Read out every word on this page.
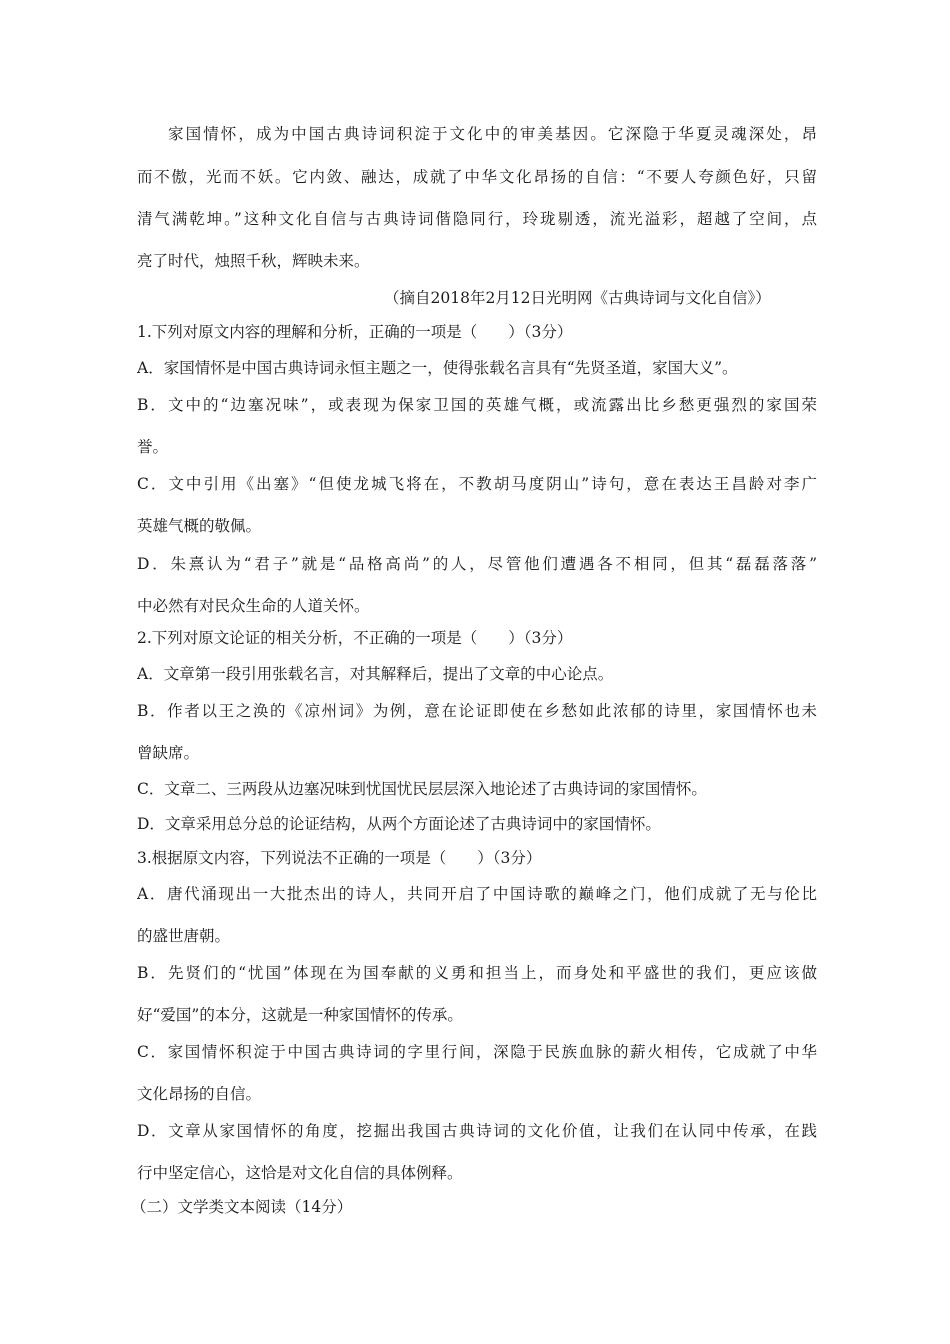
家国情怀，成为中国古典诗词积淀于文化中的审美基因。它深隐于华夏灵魂深处，昂
而不傲，光而不妖。它内敛、融达，成就了中华文化昂扬的自信：“不要人夸颜色好，只留
清气满乾坤。”这种文化自信与古典诗词偕隐同行，玲珑剔透，流光溢彩，超越了空间，点
亮了时代，烛照千秋，辉映未来。
（摘自2018年2月12日光明网《古典诗词与文化自信》）
1.下列对原文内容的理解和分析，正确的一项是（　　）（3分）
A．家国情怀是中国古典诗词永恒主题之一，使得张载名言具有“先贤圣道，家国大义”。
B．文中的“边塞况味”，或表现为保家卫国的英雄气概，或流露出比乡愁更强烈的家国荣
誉。
C．文中引用《出塞》“但使龙城飞将在，不教胡马度阴山”诗句，意在表达王昌龄对李广
英雄气概的敬佩。
D．朱熹认为“君子”就是“品格高尚”的人，尽管他们遭遇各不相同，但其“磊磊落落”
中必然有对民众生命的人道关怀。
2.下列对原文论证的相关分析，不正确的一项是（　　）（3分）
A．文章第一段引用张载名言，对其解释后，提出了文章的中心论点。
B．作者以王之涣的《凉州词》为例，意在论证即使在乡愁如此浓郁的诗里，家国情怀也未
曾缺席。
C．文章二、三两段从边塞况味到忧国忧民层层深入地论述了古典诗词的家国情怀。
D．文章采用总分总的论证结构，从两个方面论述了古典诗词中的家国情怀。
3.根据原文内容，下列说法不正确的一项是（　　）（3分）
A．唐代涌现出一大批杰出的诗人，共同开启了中国诗歌的巅峰之门，他们成就了无与伦比
的盛世唐朝。
B．先贤们的“忧国”体现在为国奉献的义勇和担当上，而身处和平盛世的我们，更应该做
好“爱国”的本分，这就是一种家国情怀的传承。
C．家国情怀积淀于中国古典诗词的字里行间，深隐于民族血脉的薪火相传，它成就了中华
文化昂扬的自信。
D．文章从家国情怀的角度，挖掘出我国古典诗词的文化价值，让我们在认同中传承，在践
行中坚定信心，这恰是对文化自信的具体例释。
（二）文学类文本阅读（14分）
